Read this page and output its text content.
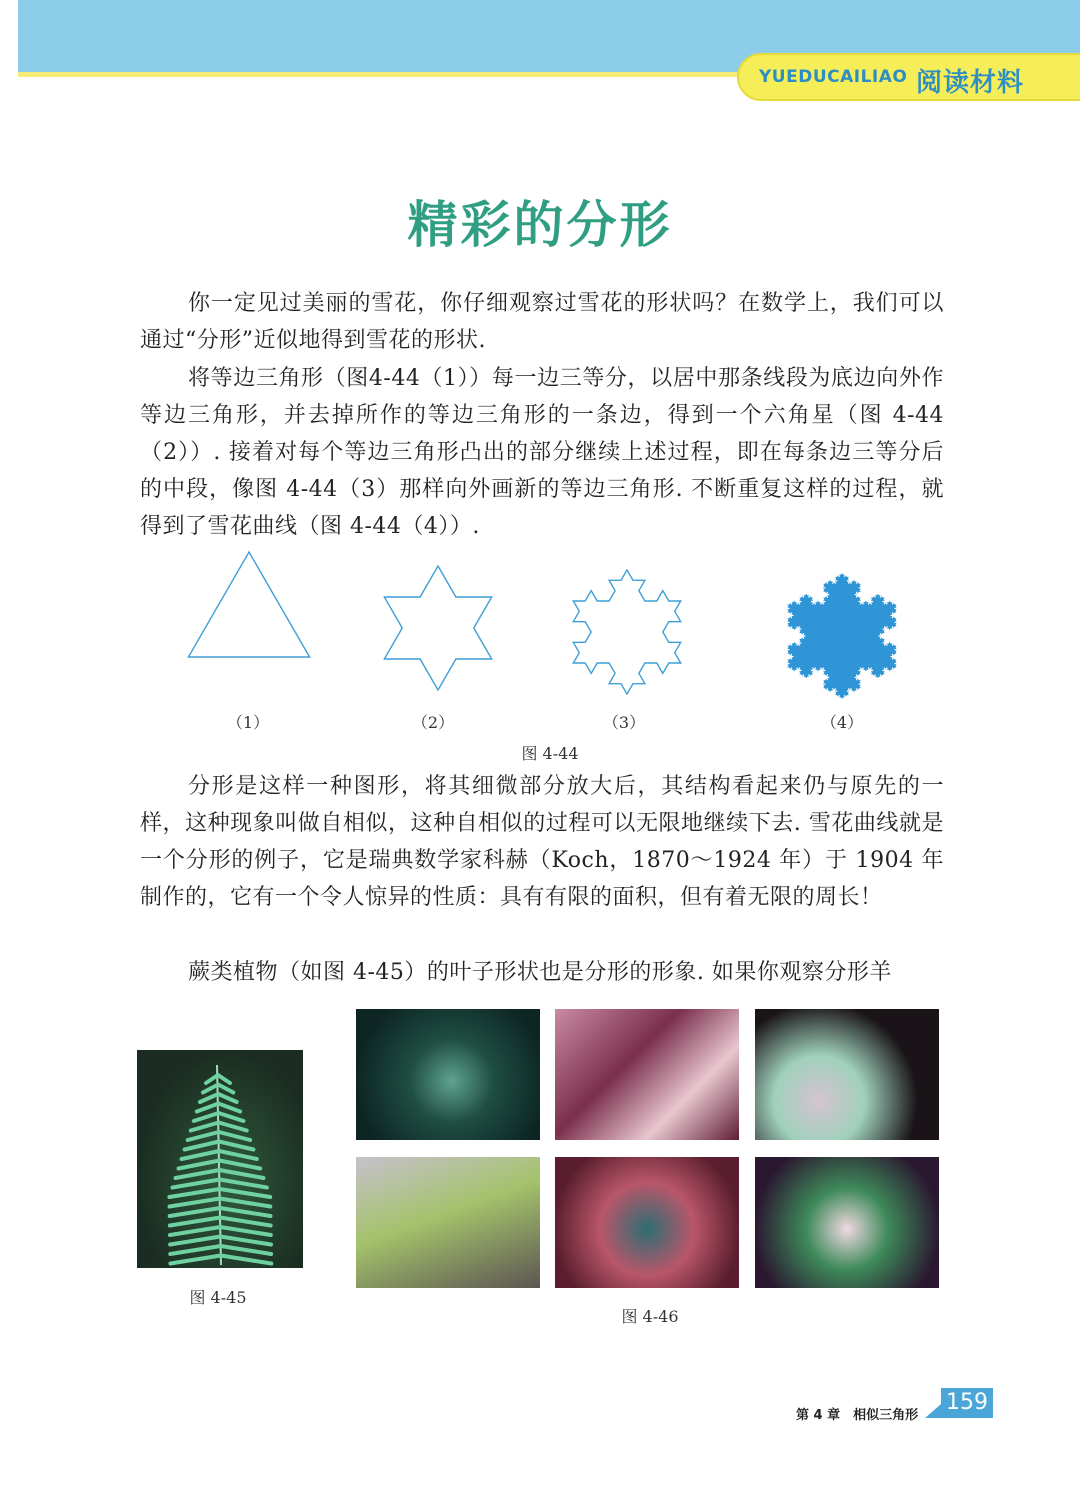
YUEDUCAILIAO 阅读材料
精彩的分形

你一定见过美丽的雪花，你仔细观察过雪花的形状吗？在数学上，我们可以通过“分形”近似地得到雪花的形状.

将等边三角形（图4-44（1））每一边三等分，以居中那条线段为底边向外作等边三角形，并去掉所作的等边三角形的一条边，得到一个六角星（图 4-44（2））. 接着对每个等边三角形凸出的部分继续上述过程，即在每条边三等分后的中段，像图 4-44（3）那样向外画新的等边三角形. 不断重复这样的过程，就得到了雪花曲线（图 4-44（4））.

（1）	（2）	（3）	（4）
图 4-44

分形是这样一种图形，将其细微部分放大后，其结构看起来仍与原先的一样，这种现象叫做自相似，这种自相似的过程可以无限地继续下去. 雪花曲线就是一个分形的例子，它是瑞典数学家科赫（Koch，1870～1924 年）于 1904 年制作的，它有一个令人惊异的性质：具有有限的面积，但有着无限的周长！

蕨类植物（如图 4-45）的叶子形状也是分形的形象. 如果你观察分形羊

图 4-45
图 4-46
第 4 章　相似三角形
159
